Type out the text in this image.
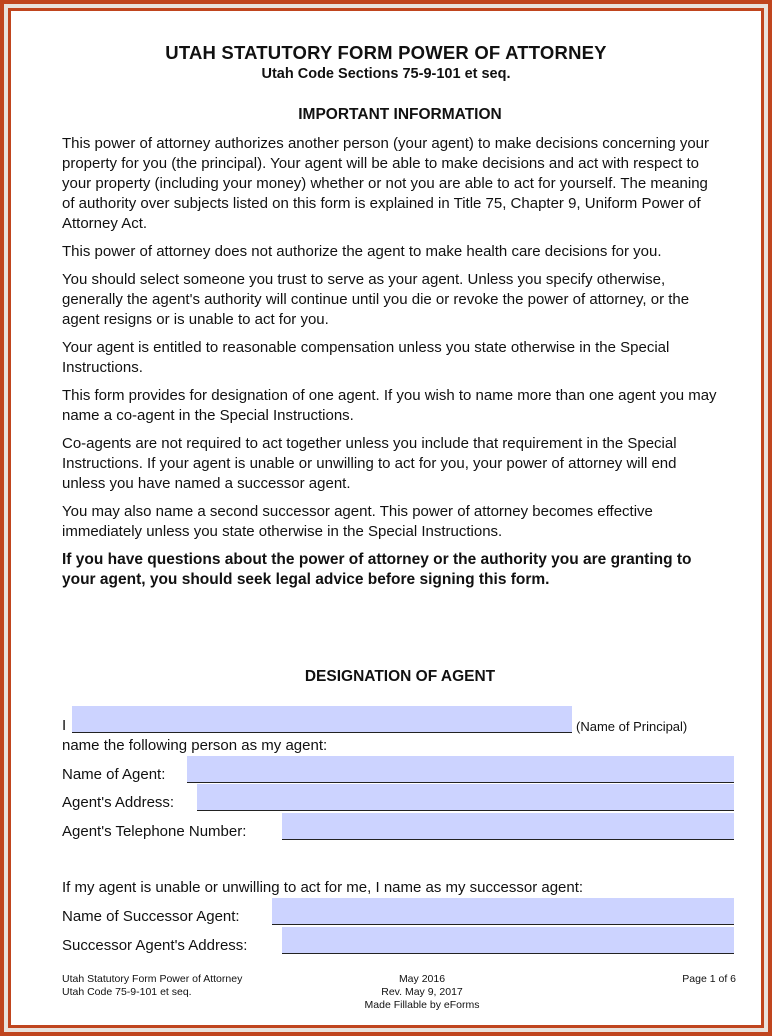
UTAH STATUTORY FORM POWER OF ATTORNEY
Utah Code Sections 75-9-101 et seq.
IMPORTANT INFORMATION

This power of attorney authorizes another person (your agent) to make decisions concerning your property for you (the principal). Your agent will be able to make decisions and act with respect to your property (including your money) whether or not you are able to act for yourself. The meaning of authority over subjects listed on this form is explained in Title 75, Chapter 9, Uniform Power of Attorney Act.

This power of attorney does not authorize the agent to make health care decisions for you.

You should select someone you trust to serve as your agent. Unless you specify otherwise, generally the agent's authority will continue until you die or revoke the power of attorney, or the agent resigns or is unable to act for you.

Your agent is entitled to reasonable compensation unless you state otherwise in the Special Instructions.

This form provides for designation of one agent. If you wish to name more than one agent you may name a co-agent in the Special Instructions.

Co-agents are not required to act together unless you include that requirement in the Special Instructions. If your agent is unable or unwilling to act for you, your power of attorney will end unless you have named a successor agent.

You may also name a second successor agent. This power of attorney becomes effective immediately unless you state otherwise in the Special Instructions.

If you have questions about the power of attorney or the authority you are granting to your agent, you should seek legal advice before signing this form.

DESIGNATION OF AGENT
I	(Name of Principal)
name the following person as my agent:
Name of Agent:
Agent's Address:
Agent's Telephone Number:
If my agent is unable or unwilling to act for me, I name as my successor agent:
Name of Successor Agent:
Successor Agent's Address:
Utah Statutory Form Power of Attorney
Utah Code 75-9-101 et seq.
May 2016
Rev. May 9, 2017
Made Fillable by eForms
Page 1 of 6
